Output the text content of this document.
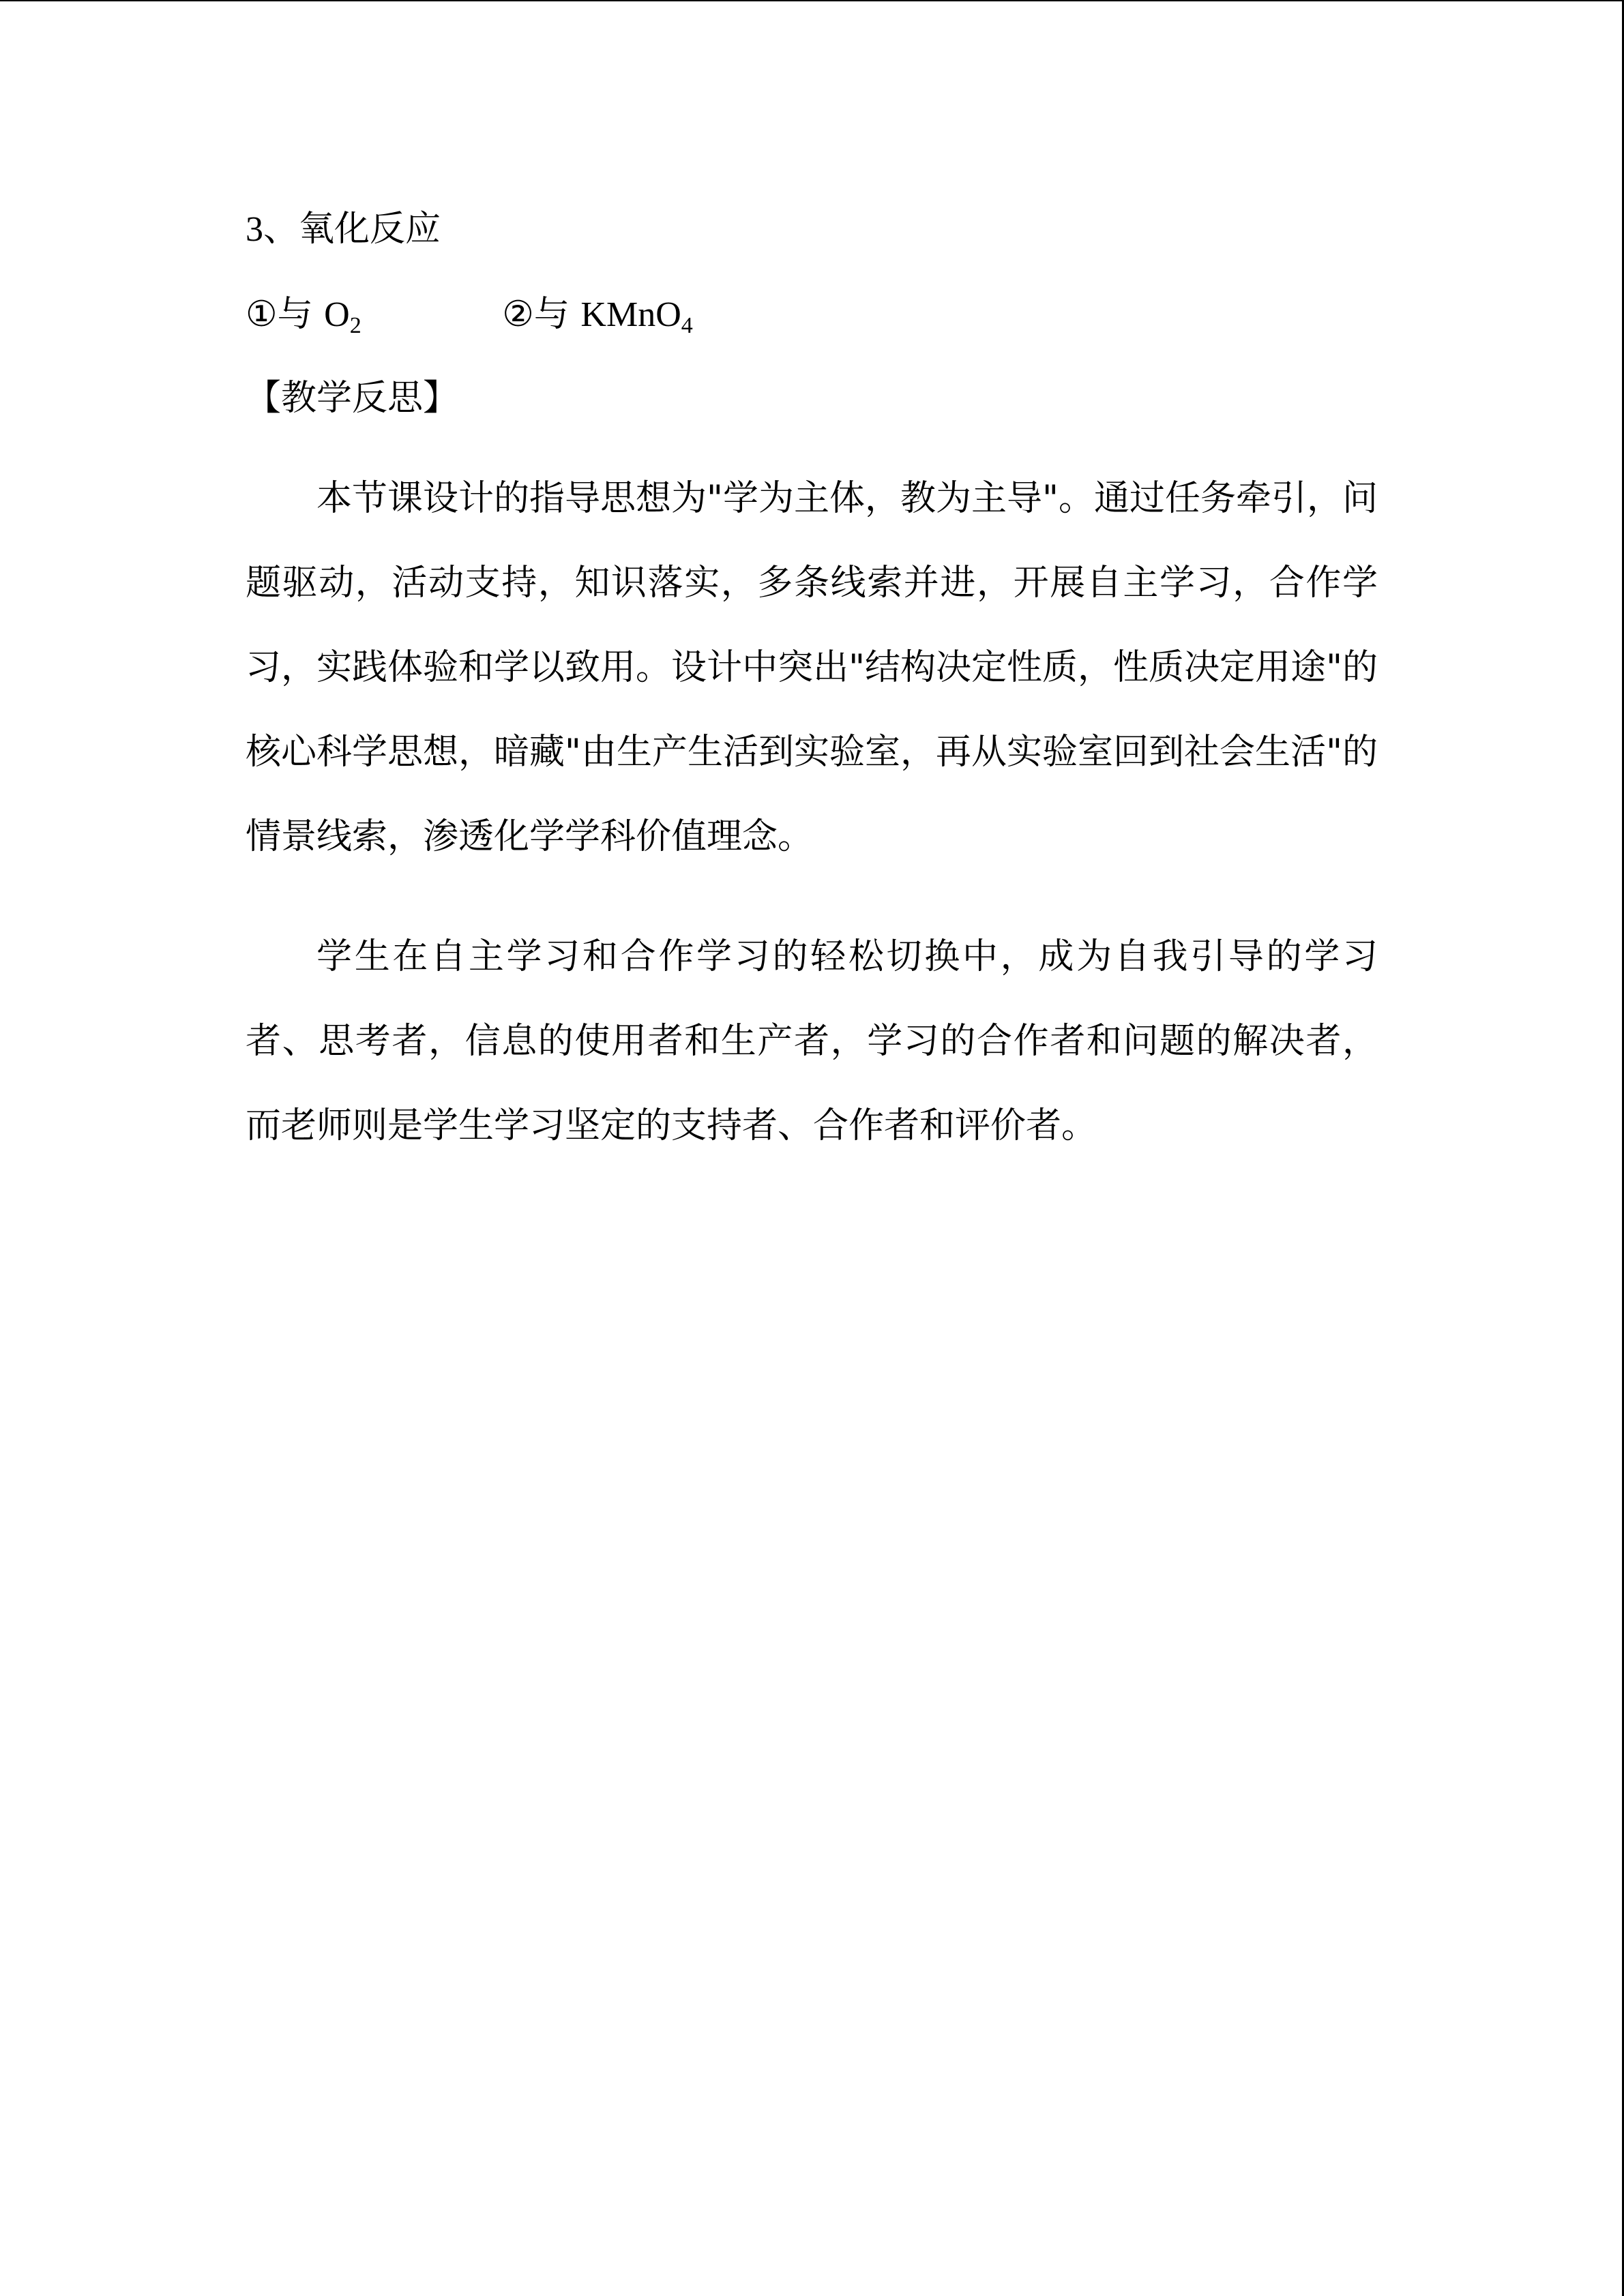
3、氧化反应
①与 $O_2$	②与 KMnO$_4$
【教学反思】

本节课设计的指导思想为"学为主体，教为主导"。通过任务牵引，问题驱动，活动支持，知识落实，多条线索并进，开展自主学习，合作学习，实践体验和学以致用。设计中突出"结构决定性质，性质决定用途"的核心科学思想，暗藏"由生产生活到实验室，再从实验室回到社会生活"的情景线索，渗透化学学科价值理念。

学生在自主学习和合作学习的轻松切换中，成为自我引导的学习者、思考者，信息的使用者和生产者，学习的合作者和问题的解决者，而老师则是学生学习坚定的支持者、合作者和评价者。
